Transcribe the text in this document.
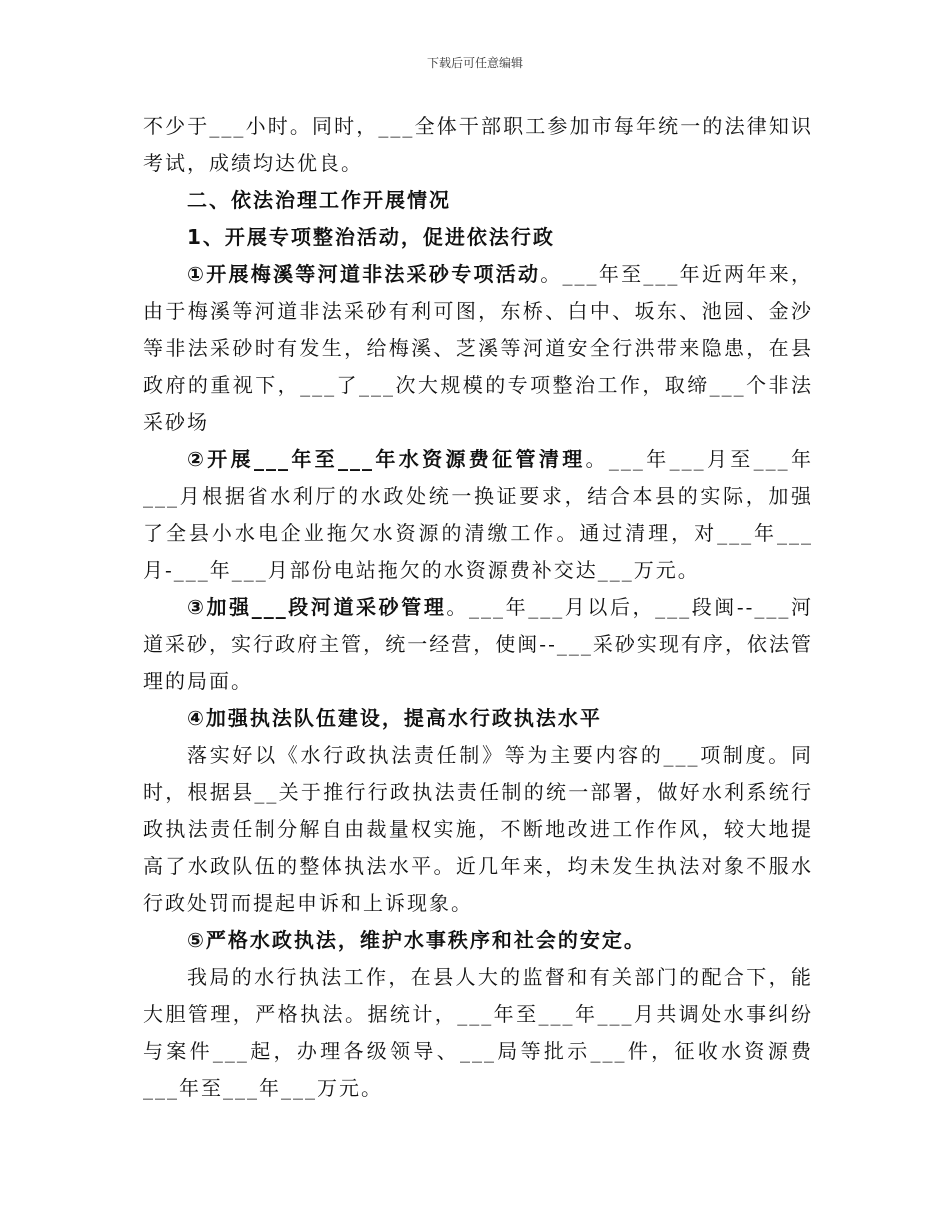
下载后可任意编辑

不少于___小时。同时，___全体干部职工参加市每年统一的法律知识考试，成绩均达优良。

二、依法治理工作开展情况

1、开展专项整治活动，促进依法行政

①开展梅溪等河道非法采砂专项活动。___年至___年近两年来，由于梅溪等河道非法采砂有利可图，东桥、白中、坂东、池园、金沙等非法采砂时有发生，给梅溪、芝溪等河道安全行洪带来隐患，在县政府的重视下，___了___次大规模的专项整治工作，取缔___个非法采砂场

②开展___年至___年水资源费征管清理。___年___月至___年___月根据省水利厅的水政处统一换证要求，结合本县的实际，加强了全县小水电企业拖欠水资源的清缴工作。通过清理，对___年___月-___年___月部份电站拖欠的水资源费补交达___万元。

③加强___段河道采砂管理。___年___月以后，___段闽--___河道采砂，实行政府主管，统一经营，使闽--___采砂实现有序，依法管理的局面。

④加强执法队伍建设，提高水行政执法水平

落实好以《水行政执法责任制》等为主要内容的___项制度。同时，根据县__关于推行行政执法责任制的统一部署，做好水利系统行政执法责任制分解自由裁量权实施，不断地改进工作作风，较大地提高了水政队伍的整体执法水平。近几年来，均未发生执法对象不服水行政处罚而提起申诉和上诉现象。

⑤严格水政执法，维护水事秩序和社会的安定。

我局的水行执法工作，在县人大的监督和有关部门的配合下，能大胆管理，严格执法。据统计，___年至___年___月共调处水事纠纷与案件___起，办理各级领导、___局等批示___件，征收水资源费___年至___年___万元。
